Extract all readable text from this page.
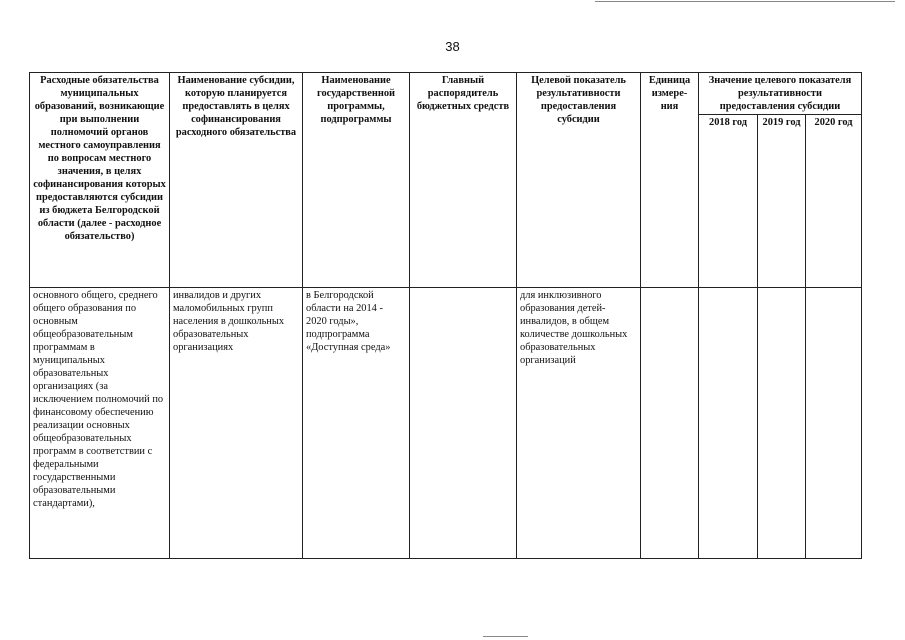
38
Расходные обязательства муниципальных образований, возникающие при выполнении полномочий органов местного самоуправления по вопросам местного значения, в целях софинансирования которых предоставляются субсидии из бюджета Белгородской области (далее - расходное обязательство)	Наименование субсидии, которую планируется предоставлять в целях софинансирования расходного обязательства	Наименование государственной программы, подпрограммы	Главный распорядитель бюджетных средств	Целевой показатель результативности предоставления субсидии	Единица измере-ния	Значение целевого показателя результативности предоставления субсидии		
						2018 год	2019 год	2020 год
основного общего, среднего общего образования по основным общеобразовательным программам в муниципальных образовательных организациях (за исключением полномочий по финансовому обеспечению реализации основных общеобразовательных программ в соответствии с федеральными государственными образовательными стандартами),	инвалидов и других маломобильных групп населения в дошкольных образовательных организациях	в Белгородской области на 2014 - 2020 годы», подпрограмма «Доступная среда»		для инклюзивного образования детей-инвалидов, в общем количестве дошкольных образовательных организаций				
